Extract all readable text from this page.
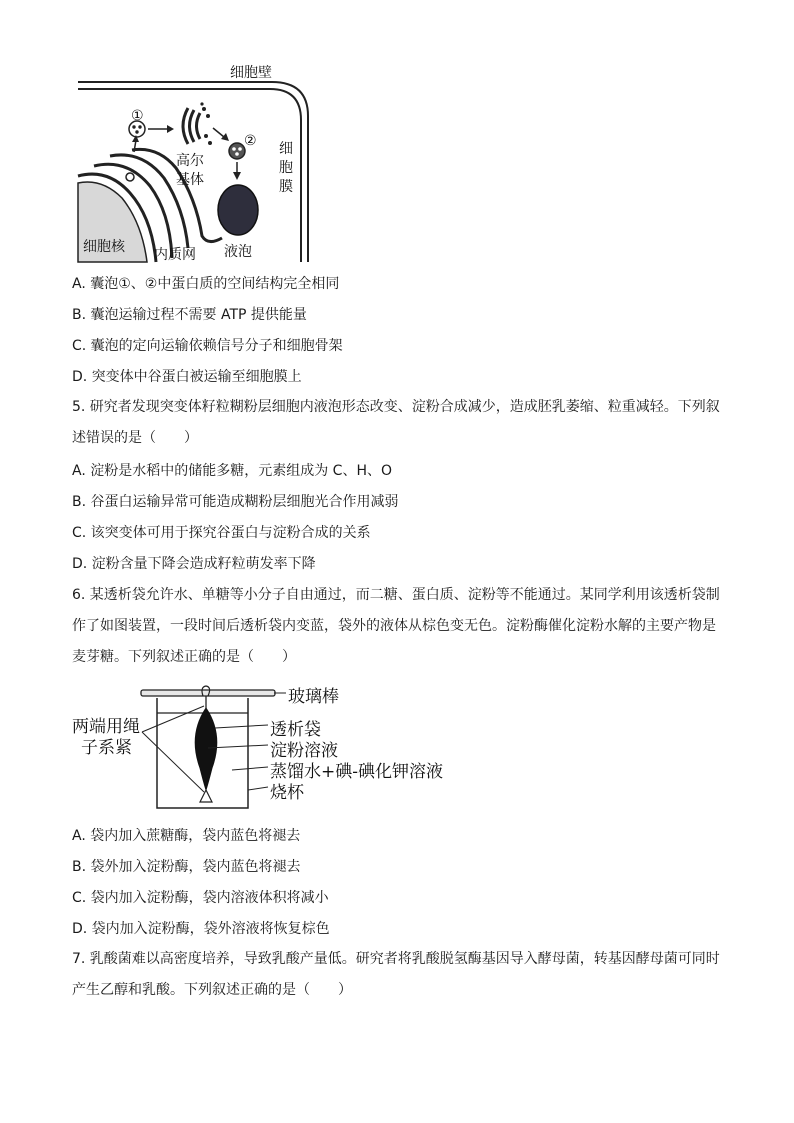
细胞壁
细
胞
膜
①
②
高尔
基体
细胞核 内质网 液泡
A. 囊泡①、②中蛋白质的空间结构完全相同
B. 囊泡运输过程不需要 ATP 提供能量
C. 囊泡的定向运输依赖信号分子和细胞骨架
D. 突变体中谷蛋白被运输至细胞膜上
5. 研究者发现突变体籽粒糊粉层细胞内液泡形态改变、淀粉合成减少，造成胚乳萎缩、粒重减轻。下列叙述错误的是（　　）
A. 淀粉是水稻中的储能多糖，元素组成为 C、H、O
B. 谷蛋白运输异常可能造成糊粉层细胞光合作用减弱
C. 该突变体可用于探究谷蛋白与淀粉合成的关系
D. 淀粉含量下降会造成籽粒萌发率下降
6. 某透析袋允许水、单糖等小分子自由通过，而二糖、蛋白质、淀粉等不能通过。某同学利用该透析袋制作了如图装置，一段时间后透析袋内变蓝，袋外的液体从棕色变无色。淀粉酶催化淀粉水解的主要产物是麦芽糖。下列叙述正确的是（　　）
玻璃棒
两端用绳
子系紧
透析袋
淀粉溶液
蒸馏水+碘-碘化钾溶液
烧杯
A. 袋内加入蔗糖酶，袋内蓝色将褪去
B. 袋外加入淀粉酶，袋内蓝色将褪去
C. 袋内加入淀粉酶，袋内溶液体积将减小
D. 袋内加入淀粉酶，袋外溶液将恢复棕色
7. 乳酸菌难以高密度培养，导致乳酸产量低。研究者将乳酸脱氢酶基因导入酵母菌，转基因酵母菌可同时产生乙醇和乳酸。下列叙述正确的是（　　）
